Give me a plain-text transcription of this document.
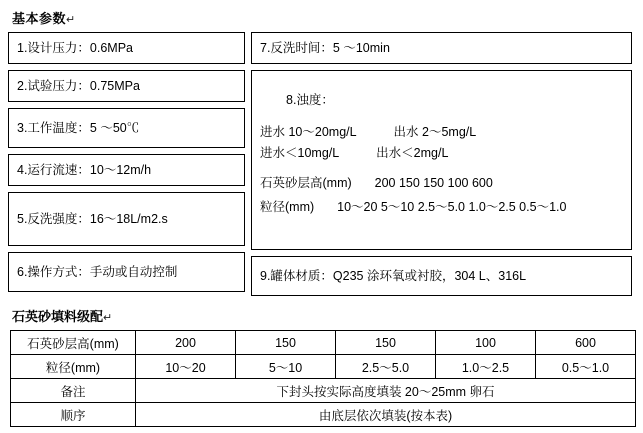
基本参数↵
1.设计压力：0.6MPa
2.试验压力：0.75MPa
3.工作温度：5 ～50℃
4.运行流速：10～12m/h
5.反洗强度：16～18L/m2.s
6.操作方式：手动或自动控制
7.反洗时间：5 ～10min
8.浊度：
进水 10～20mg/L	出水 2～5mg/L
进水＜10mg/L	出水＜2mg/L
石英砂层高(mm) 200 150 150 100 600
粒径(mm) 10～20 5～10 2.5～5.0 1.0～2.5 0.5～1.0
9.罐体材质：Q235 涂环氧或衬胶，304 L、316L
石英砂填料级配↵
石英砂层高(mm)	200	150	150	100	600
粒径(mm)	10～20	5～10	2.5～5.0	1.0～2.5	0.5～1.0
备注	下封头按实际高度填装 20～25mm 卵石				
顺序	由底层依次填装(按本表)				
